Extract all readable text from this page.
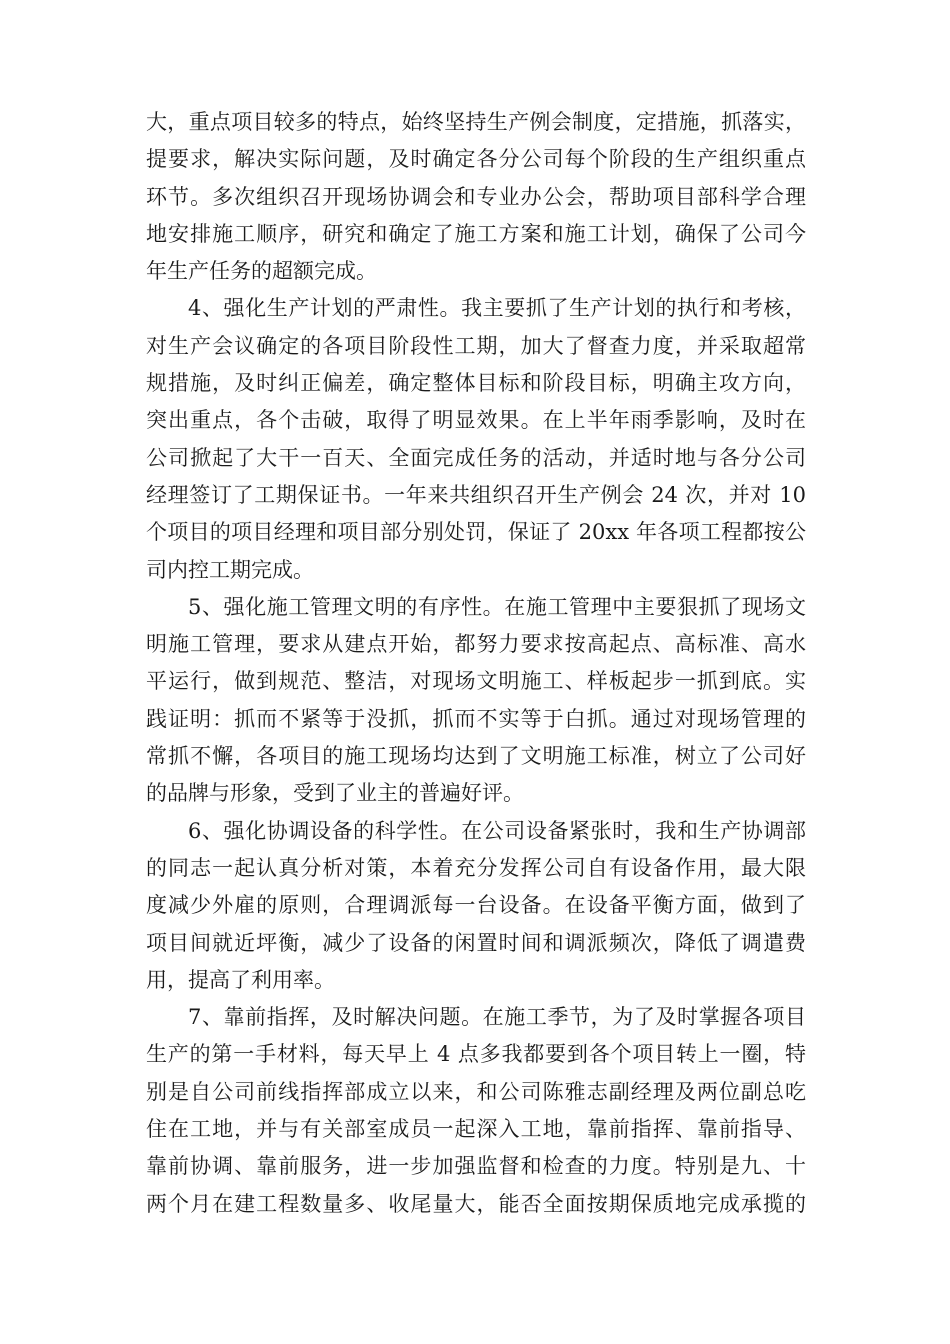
大，重点项目较多的特点，始终坚持生产例会制度，定措施，抓落实，
提要求，解决实际问题，及时确定各分公司每个阶段的生产组织重点
环节。多次组织召开现场协调会和专业办公会，帮助项目部科学合理
地安排施工顺序，研究和确定了施工方案和施工计划，确保了公司今
年生产任务的超额完成。
4、强化生产计划的严肃性。我主要抓了生产计划的执行和考核，
对生产会议确定的各项目阶段性工期，加大了督查力度，并采取超常
规措施，及时纠正偏差，确定整体目标和阶段目标，明确主攻方向，
突出重点，各个击破，取得了明显效果。在上半年雨季影响，及时在
公司掀起了大干一百天、全面完成任务的活动，并适时地与各分公司
经理签订了工期保证书。一年来共组织召开生产例会 24 次，并对 10
个项目的项目经理和项目部分别处罚，保证了 20xx 年各项工程都按公
司内控工期完成。
5、强化施工管理文明的有序性。在施工管理中主要狠抓了现场文
明施工管理，要求从建点开始，都努力要求按高起点、高标准、高水
平运行，做到规范、整洁，对现场文明施工、样板起步一抓到底。实
践证明：抓而不紧等于没抓，抓而不实等于白抓。通过对现场管理的
常抓不懈，各项目的施工现场均达到了文明施工标准，树立了公司好
的品牌与形象，受到了业主的普遍好评。
6、强化协调设备的科学性。在公司设备紧张时，我和生产协调部
的同志一起认真分析对策，本着充分发挥公司自有设备作用，最大限
度减少外雇的原则，合理调派每一台设备。在设备平衡方面，做到了
项目间就近坪衡，减少了设备的闲置时间和调派频次，降低了调遣费
用，提高了利用率。
7、靠前指挥，及时解决问题。在施工季节，为了及时掌握各项目
生产的第一手材料，每天早上 4 点多我都要到各个项目转上一圈，特
别是自公司前线指挥部成立以来，和公司陈雅志副经理及两位副总吃
住在工地，并与有关部室成员一起深入工地，靠前指挥、靠前指导、
靠前协调、靠前服务，进一步加强监督和检查的力度。特别是九、十
两个月在建工程数量多、收尾量大，能否全面按期保质地完成承揽的
